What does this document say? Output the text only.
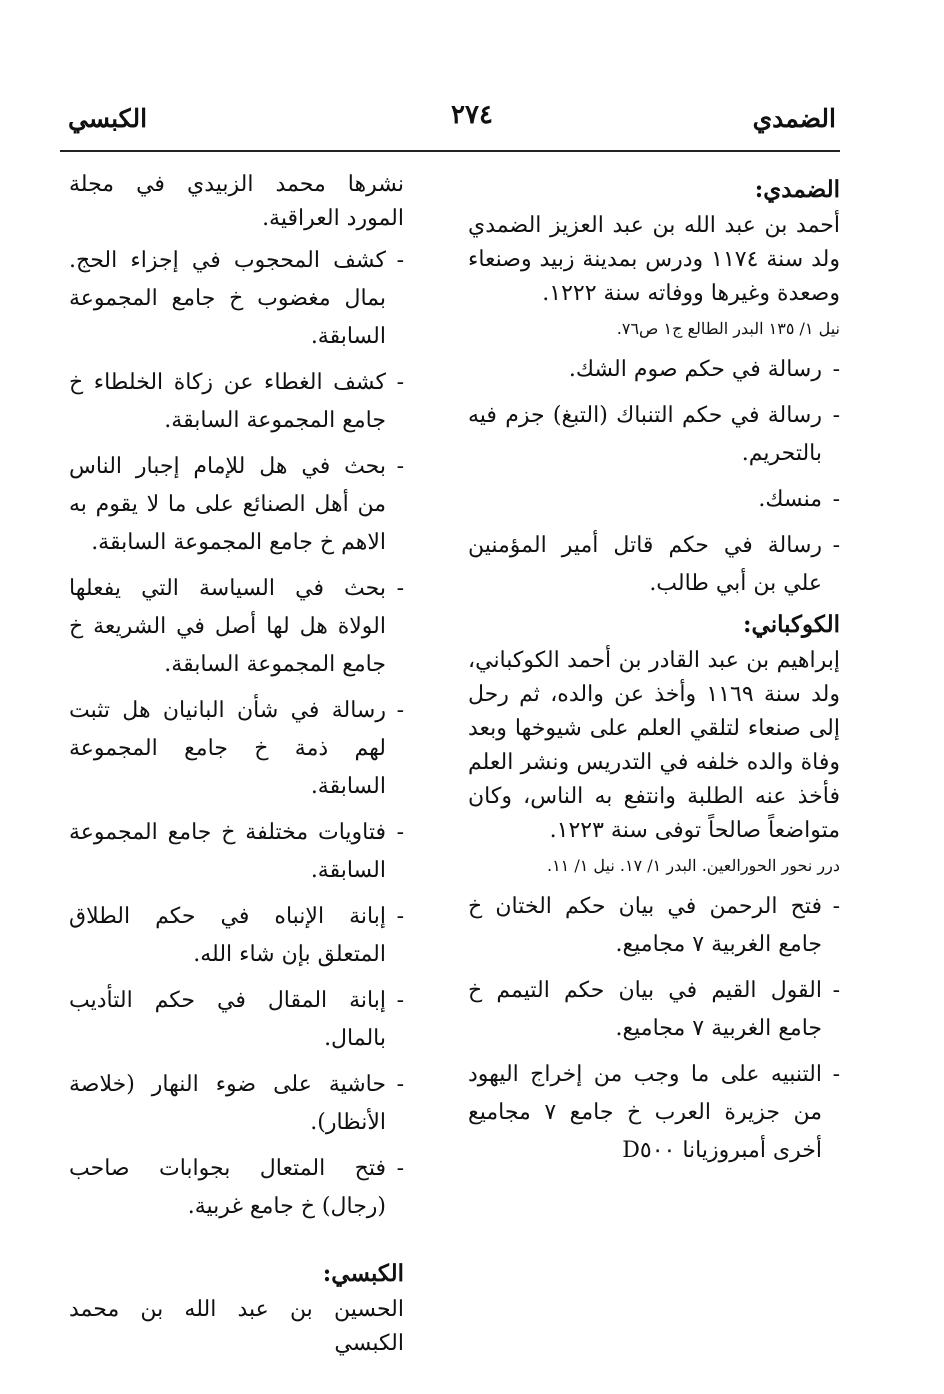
الضمدي
٢٧٤
الكبسي
الضمدي:

أحمد بن عبد الله بن عبد العزيز الضمدي ولد سنة ١١٧٤ ودرس بمدينة زبيد وصنعاء وصعدة وغيرها ووفاته سنة ١٢٢٢.

نيل ١/ ١٣٥ البدر الطالع ج١ ص٧٦.
- رسالة في حكم صوم الشك.
- رسالة في حكم التنباك (التبغ) جزم فيه بالتحريم.
- منسك.
- رسالة في حكم قاتل أمير المؤمنين علي بن أبي طالب.
الكوكباني:

إبراهيم بن عبد القادر بن أحمد الكوكباني، ولد سنة ١١٦٩ وأخذ عن والده، ثم رحل إلى صنعاء لتلقي العلم على شيوخها وبعد وفاة والده خلفه في التدريس ونشر العلم فأخذ عنه الطلبة وانتفع به الناس، وكان متواضعاً صالحاً توفى سنة ١٢٢٣.

درر نحور الحورالعين. البدر ١/ ١٧. نيل ١/ ١١.
- فتح الرحمن في بيان حكم الختان خ جامع الغربية ٧ مجاميع.
- القول القيم في بيان حكم التيمم خ جامع الغربية ٧ مجاميع.
- التنبيه على ما وجب من إخراج اليهود من جزيرة العرب خ جامع ٧ مجاميع أخرى أمبروزيانا D٥٠٠

نشرها محمد الزبيدي في مجلة المورد العراقية.

- كشف المحجوب في إجزاء الحج. بمال مغضوب خ جامع المجموعة السابقة.
- كشف الغطاء عن زكاة الخلطاء خ جامع المجموعة السابقة.
- بحث في هل للإمام إجبار الناس من أهل الصنائع على ما لا يقوم به الاهم خ جامع المجموعة السابقة.
- بحث في السياسة التي يفعلها الولاة هل لها أصل في الشريعة خ جامع المجموعة السابقة.
- رسالة في شأن البانيان هل تثبت لهم ذمة خ جامع المجموعة السابقة.
- فتاويات مختلفة خ جامع المجموعة السابقة.
- إبانة الإنباه في حكم الطلاق المتعلق بإن شاء الله.
- إبانة المقال في حكم التأديب بالمال.
- حاشية على ضوء النهار (خلاصة الأنظار).
- فتح المتعال بجوابات صاحب (رجال) خ جامع غربية.
الكبسي:

الحسين بن عبد الله بن محمد الكبسي
